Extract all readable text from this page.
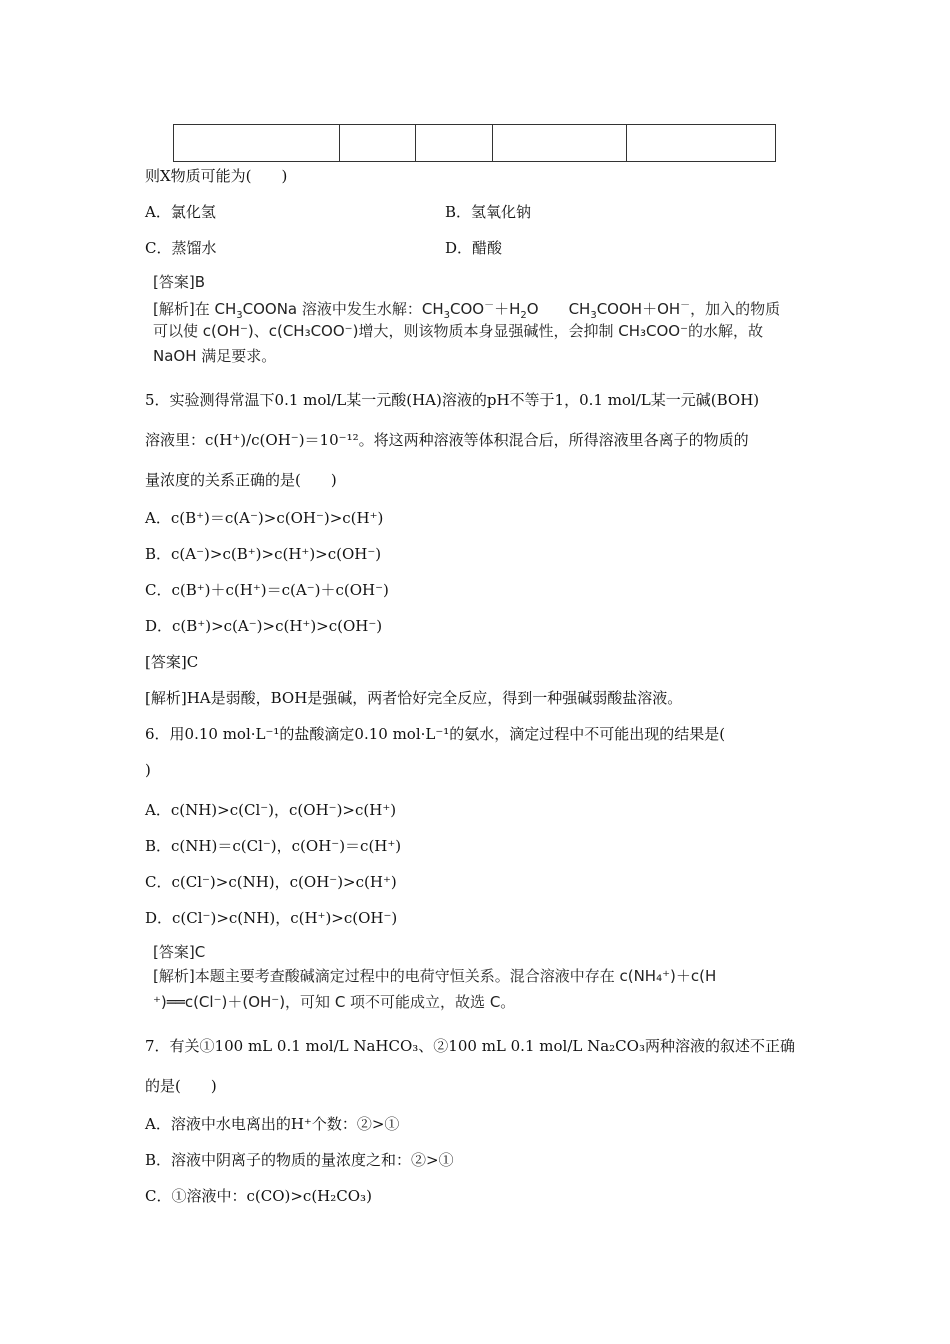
则X物质可能为(　　)
A．氯化氢	B．氢氧化钠
C．蒸馏水	D．醋酸
[答案]B
[解析]在 $CH_3COONa$ 溶液中发生水解：$CH_3COO^-+H_2O$　　$CH_3COOH+OH^-$，加入的物质
可以使 c(OH⁻)、c(CH₃COO⁻)增大，则该物质本身显强碱性，会抑制 CH₃COO⁻的水解，故
NaOH 满足要求。
5．实验测得常温下0.1 mol/L某一元酸(HA)溶液的pH不等于1，0.1 mol/L某一元碱(BOH)
溶液里：c(H⁺)/c(OH⁻)＝10⁻¹²。将这两种溶液等体积混合后，所得溶液里各离子的物质的
量浓度的关系正确的是(　　)
A．c(B⁺)＝c(A⁻)>c(OH⁻)>c(H⁺)
B．c(A⁻)>c(B⁺)>c(H⁺)>c(OH⁻)
C．c(B⁺)＋c(H⁺)＝c(A⁻)＋c(OH⁻)
D．c(B⁺)>c(A⁻)>c(H⁺)>c(OH⁻)
[答案]C
[解析]HA是弱酸，BOH是强碱，两者恰好完全反应，得到一种强碱弱酸盐溶液。
6．用0.10 mol·L⁻¹的盐酸滴定0.10 mol·L⁻¹的氨水，滴定过程中不可能出现的结果是(
)
A．c(NH)>c(Cl⁻)，c(OH⁻)>c(H⁺)
B．c(NH)＝c(Cl⁻)，c(OH⁻)＝c(H⁺)
C．c(Cl⁻)>c(NH)，c(OH⁻)>c(H⁺)
D．c(Cl⁻)>c(NH)，c(H⁺)>c(OH⁻)
[答案]C
[解析]本题主要考查酸碱滴定过程中的电荷守恒关系。混合溶液中存在 c(NH₄⁺)＋c(H
⁺)══c(Cl⁻)＋(OH⁻)，可知 C 项不可能成立，故选 C。
7．有关①100 mL 0.1 mol/L NaHCO₃、②100 mL 0.1 mol/L Na₂CO₃两种溶液的叙述不正确
的是(　　)
A．溶液中水电离出的H⁺个数：②>①
B．溶液中阴离子的物质的量浓度之和：②>①
C．①溶液中：c(CO)>c(H₂CO₃)
